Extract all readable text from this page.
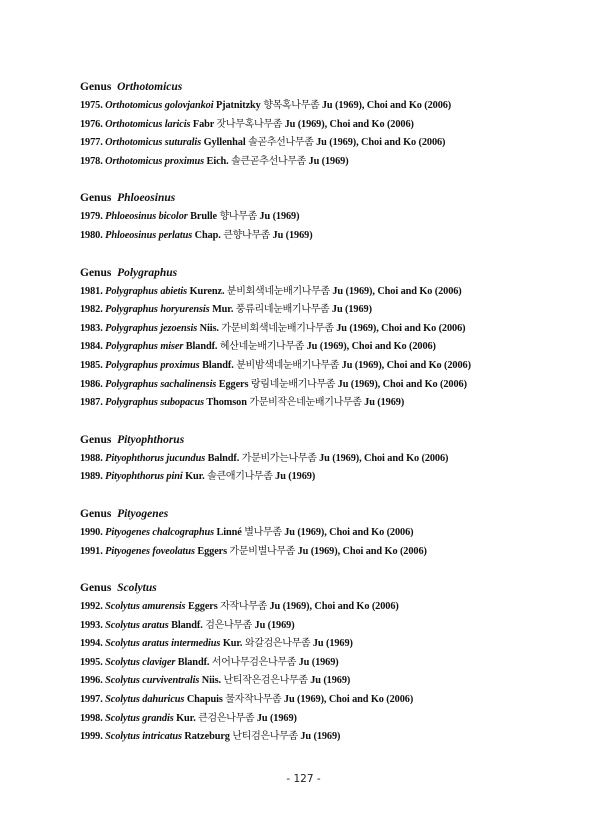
Genus Orthotomicus
1975. Orthotomicus golovjankoi Pjatnitzky 향목혹나무좀 Ju (1969), Choi and Ko (2006)
1976. Orthotomicus laricis Fabr 잣나무혹나무좀 Ju (1969), Choi and Ko (2006)
1977. Orthotomicus suturalis Gyllenhal 솔곧추선나무좀 Ju (1969), Choi and Ko (2006)
1978. Orthotomicus proximus Eich. 솔큰곧추선나무좀 Ju (1969)
Genus Phloeosinus
1979. Phloeosinus bicolor Brulle 향나무좀 Ju (1969)
1980. Phloeosinus perlatus Chap. 큰향나무좀 Ju (1969)
Genus Polygraphus
1981. Polygraphus abietis Kurenz. 분비회색네눈배기나무좀 Ju (1969), Choi and Ko (2006)
1982. Polygraphus horyurensis Mur. 풍류리네눈배기나무좀 Ju (1969)
1983. Polygraphus jezoensis Niis. 가문비회색네눈배기나무좀 Ju (1969), Choi and Ko (2006)
1984. Polygraphus miser Blandf. 혜산네눈배기나무좀 Ju (1969), Choi and Ko (2006)
1985. Polygraphus proximus Blandf. 분비밤색네눈배기나무좀 Ju (1969), Choi and Ko (2006)
1986. Polygraphus sachalinensis Eggers 랑림네눈배기나무좀 Ju (1969), Choi and Ko (2006)
1987. Polygraphus subopacus Thomson 가문비작은네눈배기나무좀 Ju (1969)
Genus Pityophthorus
1988. Pityophthorus jucundus Balndf. 가문비가는나무좀 Ju (1969), Choi and Ko (2006)
1989. Pityophthorus pini Kur. 솔큰애기나무좀 Ju (1969)
Genus Pityogenes
1990. Pityogenes chalcographus Linné 별나무좀 Ju (1969), Choi and Ko (2006)
1991. Pityogenes foveolatus Eggers 가문비별나무좀 Ju (1969), Choi and Ko (2006)
Genus Scolytus
1992. Scolytus amurensis Eggers 자작나무좀 Ju (1969), Choi and Ko (2006)
1993. Scolytus aratus Blandf. 검은나무좀 Ju (1969)
1994. Scolytus aratus intermedius Kur. 와갈검은나무좀 Ju (1969)
1995. Scolytus claviger Blandf. 서어나무검은나무좀 Ju (1969)
1996. Scolytus curviventralis Niis. 난티작은검은나무좀 Ju (1969)
1997. Scolytus dahuricus Chapuis 물자작나무좀 Ju (1969), Choi and Ko (2006)
1998. Scolytus grandis Kur. 큰검은나무좀 Ju (1969)
1999. Scolytus intricatus Ratzeburg 난티검은나무좀 Ju (1969)
- 127 -
